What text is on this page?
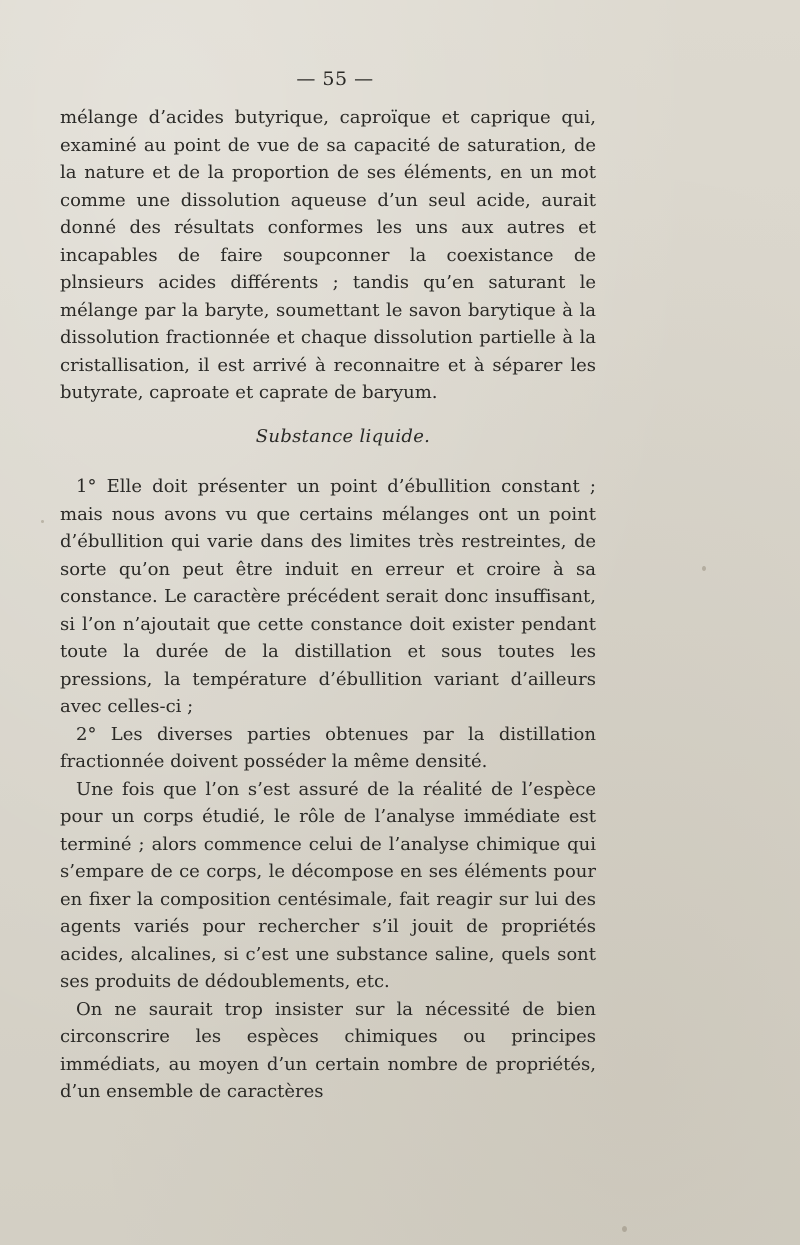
— 55 —

mélange d’acides butyrique, caproïque et caprique qui, examiné au point de vue de sa capacité de saturation, de la nature et de la proportion de ses éléments, en un mot comme une dissolution aqueuse d’un seul acide, aurait donné des résultats conformes les uns aux autres et incapables de faire soupconner la coexistance de plnsieurs acides différents ; tandis qu’en saturant le mélange par la baryte, soumettant le savon barytique à la dissolution fractionnée et chaque dissolution partielle à la cristallisation, il est arrivé à reconnaitre et à séparer les butyrate, caproate et caprate de baryum.

Substance liquide.

1° Elle doit présenter un point d’ébullition constant ; mais nous avons vu que certains mélanges ont un point d’ébullition qui varie dans des limites très restreintes, de sorte qu’on peut être induit en erreur et croire à sa constance. Le caractère précédent serait donc insuffisant, si l’on n’ajoutait que cette constance doit exister pendant toute la durée de la distillation et sous toutes les pressions, la température d’ébullition variant d’ailleurs avec celles-ci ;

2° Les diverses parties obtenues par la distillation fractionnée doivent posséder la même densité.

Une fois que l’on s’est assuré de la réalité de l’espèce pour un corps étudié, le rôle de l’analyse immédiate est terminé ; alors commence celui de l’analyse chimique qui s’empare de ce corps, le décompose en ses éléments pour en fixer la composition centésimale, fait reagir sur lui des agents variés pour rechercher s’il jouit de propriétés acides, alcalines, si c’est une substance saline, quels sont ses produits de dédoublements, etc.

On ne saurait trop insister sur la nécessité de bien circonscrire les espèces chimiques ou principes immédiats, au moyen d’un certain nombre de propriétés, d’un ensemble de caractères
